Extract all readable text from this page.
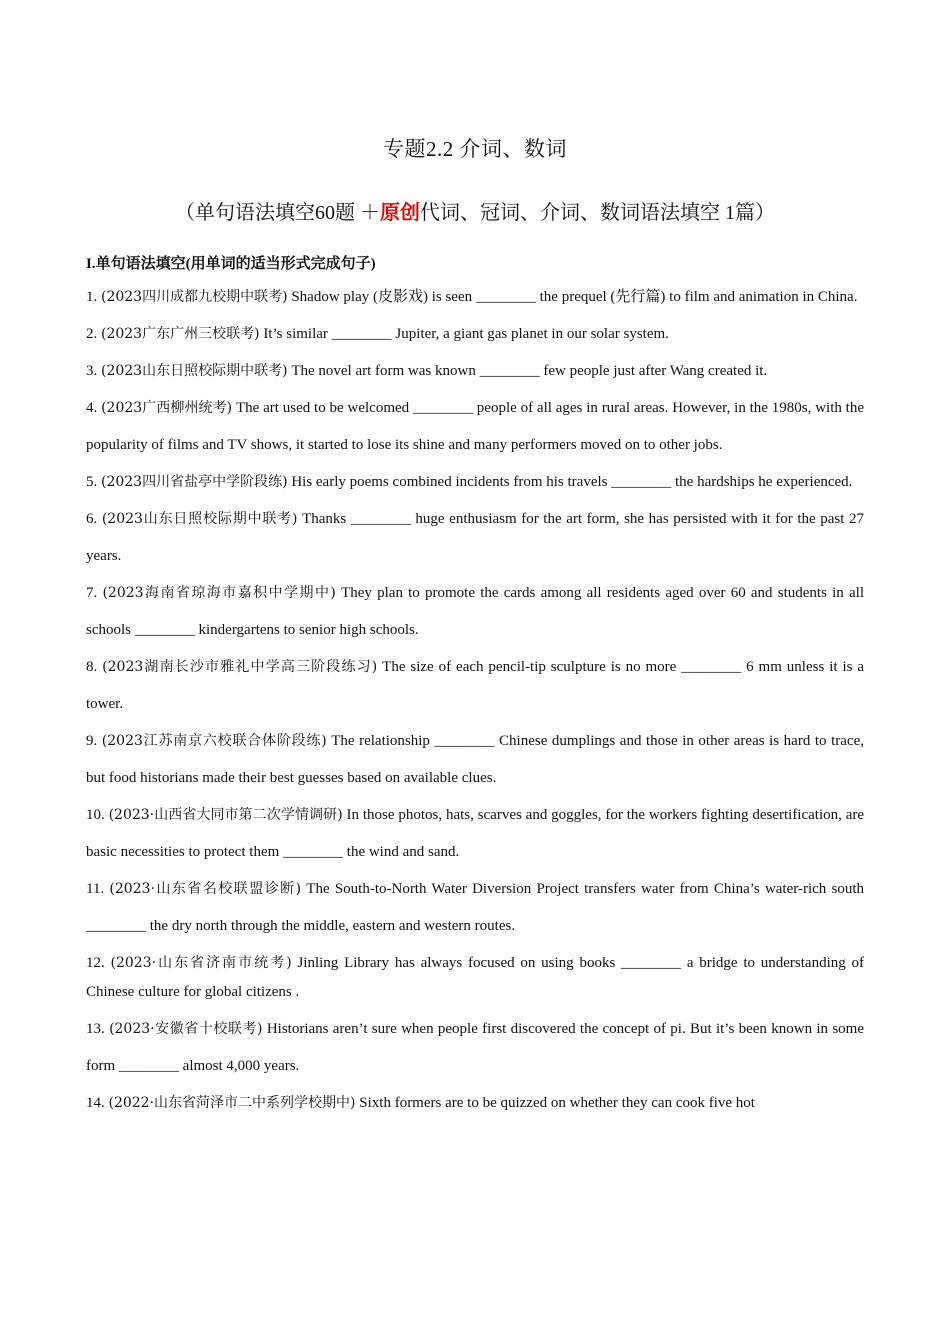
专题2.2 介词、数词
（单句语法填空60题 ＋原创代词、冠词、介词、数词语法填空 1篇）
I.单句语法填空(用单词的适当形式完成句子)

1. (2023四川成都九校期中联考) Shadow play (皮影戏) is seen ________ the prequel (先行篇) to film and animation in China.

2. (2023广东广州三校联考) It’s similar ________ Jupiter, a giant gas planet in our solar system.

3. (2023山东日照校际期中联考) The novel art form was known ________ few people just after Wang created it.

4. (2023广西柳州统考) The art used to be welcomed ________ people of all ages in rural areas. However, in the 1980s, with the popularity of films and TV shows, it started to lose its shine and many performers moved on to other jobs.

5. (2023四川省盐亭中学阶段练) His early poems combined incidents from his travels ________ the hardships he experienced.

6. (2023山东日照校际期中联考) Thanks ________ huge enthusiasm for the art form, she has persisted with it for the past 27 years.

7. (2023海南省琼海市嘉积中学期中) They plan to promote the cards among all residents aged over 60 and students in all schools ________ kindergartens to senior high schools.

8. (2023湖南长沙市雅礼中学高三阶段练习) The size of each pencil-tip sculpture is no more ________ 6 mm unless it is a tower.

9. (2023江苏南京六校联合体阶段练) The relationship ________ Chinese dumplings and those in other areas is hard to trace, but food historians made their best guesses based on available clues.

10. (2023·山西省大同市第二次学情调研) In those photos, hats, scarves and goggles, for the workers fighting desertification, are basic necessities to protect them ________ the wind and sand.

11. (2023·山东省名校联盟诊断) The South-to-North Water Diversion Project transfers water from China’s water-rich south ________ the dry north through the middle, eastern and western routes.

12. (2023·山东省济南市统考) Jinling Library has always focused on using books ________ a bridge to understanding of Chinese culture for global citizens .

13. (2023·安徽省十校联考) Historians aren’t sure when people first discovered the concept of pi. But it’s been known in some form ________ almost 4,000 years.

14. (2022·山东省菏泽市二中系列学校期中) Sixth formers are to be quizzed on whether they can cook five hot
